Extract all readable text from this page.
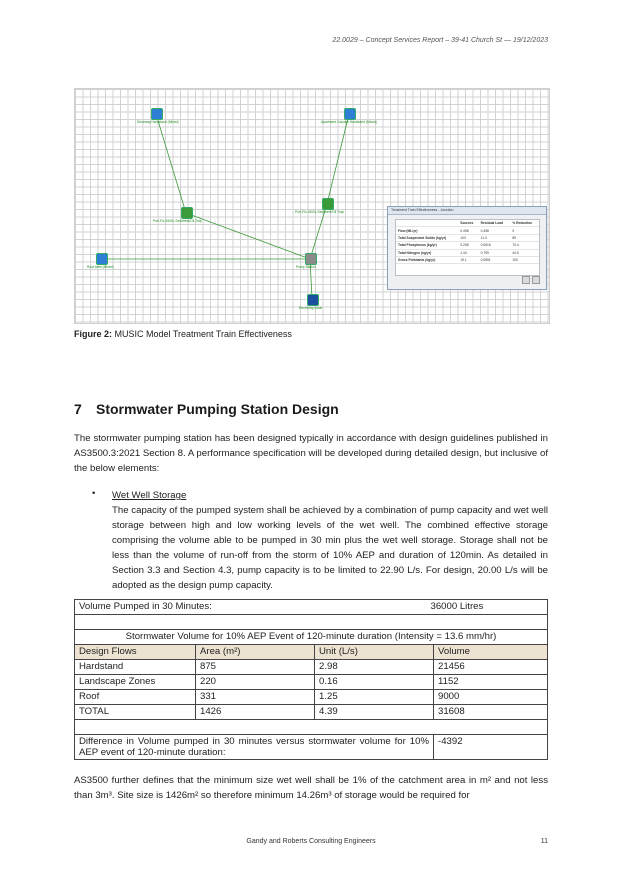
22.0029 – Concept Services Report – 39-41 Church St — 19/12/2023
Driveway Hardstand (Mixed)	Apartment Carpark Hardstand (Mixed)
Puri-Flo 1500L Sediment/Oil Trap
Puri-Flo 1500L Sediment/Oil Trap
Roof Area (Mixed)	Pump Station
Receiving Node
Treatment Train Effectiveness - Junction
	Sources	Residual Load	% Reduction
Flow (ML/yr)	0.498	0.498	0
Total Suspended Solids (kg/yr)	103	11.3	89
Total Phosphorus (kg/yr)	0.208	0.0616	70.4
Total Nitrogen (kg/yr)	1.44	0.799	44.5
Gross Pollutants (kg/yr)	19.1	0.0591	100
Figure 2: MUSIC Model Treatment Train Effectiveness
7 Stormwater Pumping Station Design
The stormwater pumping station has been designed typically in accordance with design guidelines published in AS3500.3:2021 Section 8. A performance specification will be developed during detailed design, but inclusive of the below elements:
• Wet Well Storage
The capacity of the pumped system shall be achieved by a combination of pump capacity and wet well storage between high and low working levels of the wet well. The combined effective storage comprising the volume able to be pumped in 30 min plus the wet well storage. Storage shall not be less than the volume of run-off from the storm of 10% AEP and duration of 120min. As detailed in Section 3.3 and Section 4.3, pump capacity is to be limited to 22.90 L/s. For design, 20.00 L/s will be adopted as the design pump capacity.
Volume Pumped in 30 Minutes:		36000 Litres	

Stormwater Volume for 10% AEP Event of 120-minute duration (Intensity = 13.6 mm/hr)			
Design Flows	Area (m²)	Unit (L/s)	Volume
Hardstand	875	2.98	21456
Landscape Zones	220	0.16	1152
Roof	331	1.25	9000
TOTAL	1426	4.39	31608

Difference in Volume pumped in 30 minutes versus stormwater volume for 10% AEP event of 120-minute duration:			-4392
AS3500 further defines that the minimum size wet well shall be 1% of the catchment area in m² and not less than 3m³. Site size is 1426m² so therefore minimum 14.26m³ of storage would be required for
Gandy and Roberts Consulting Engineers	11
